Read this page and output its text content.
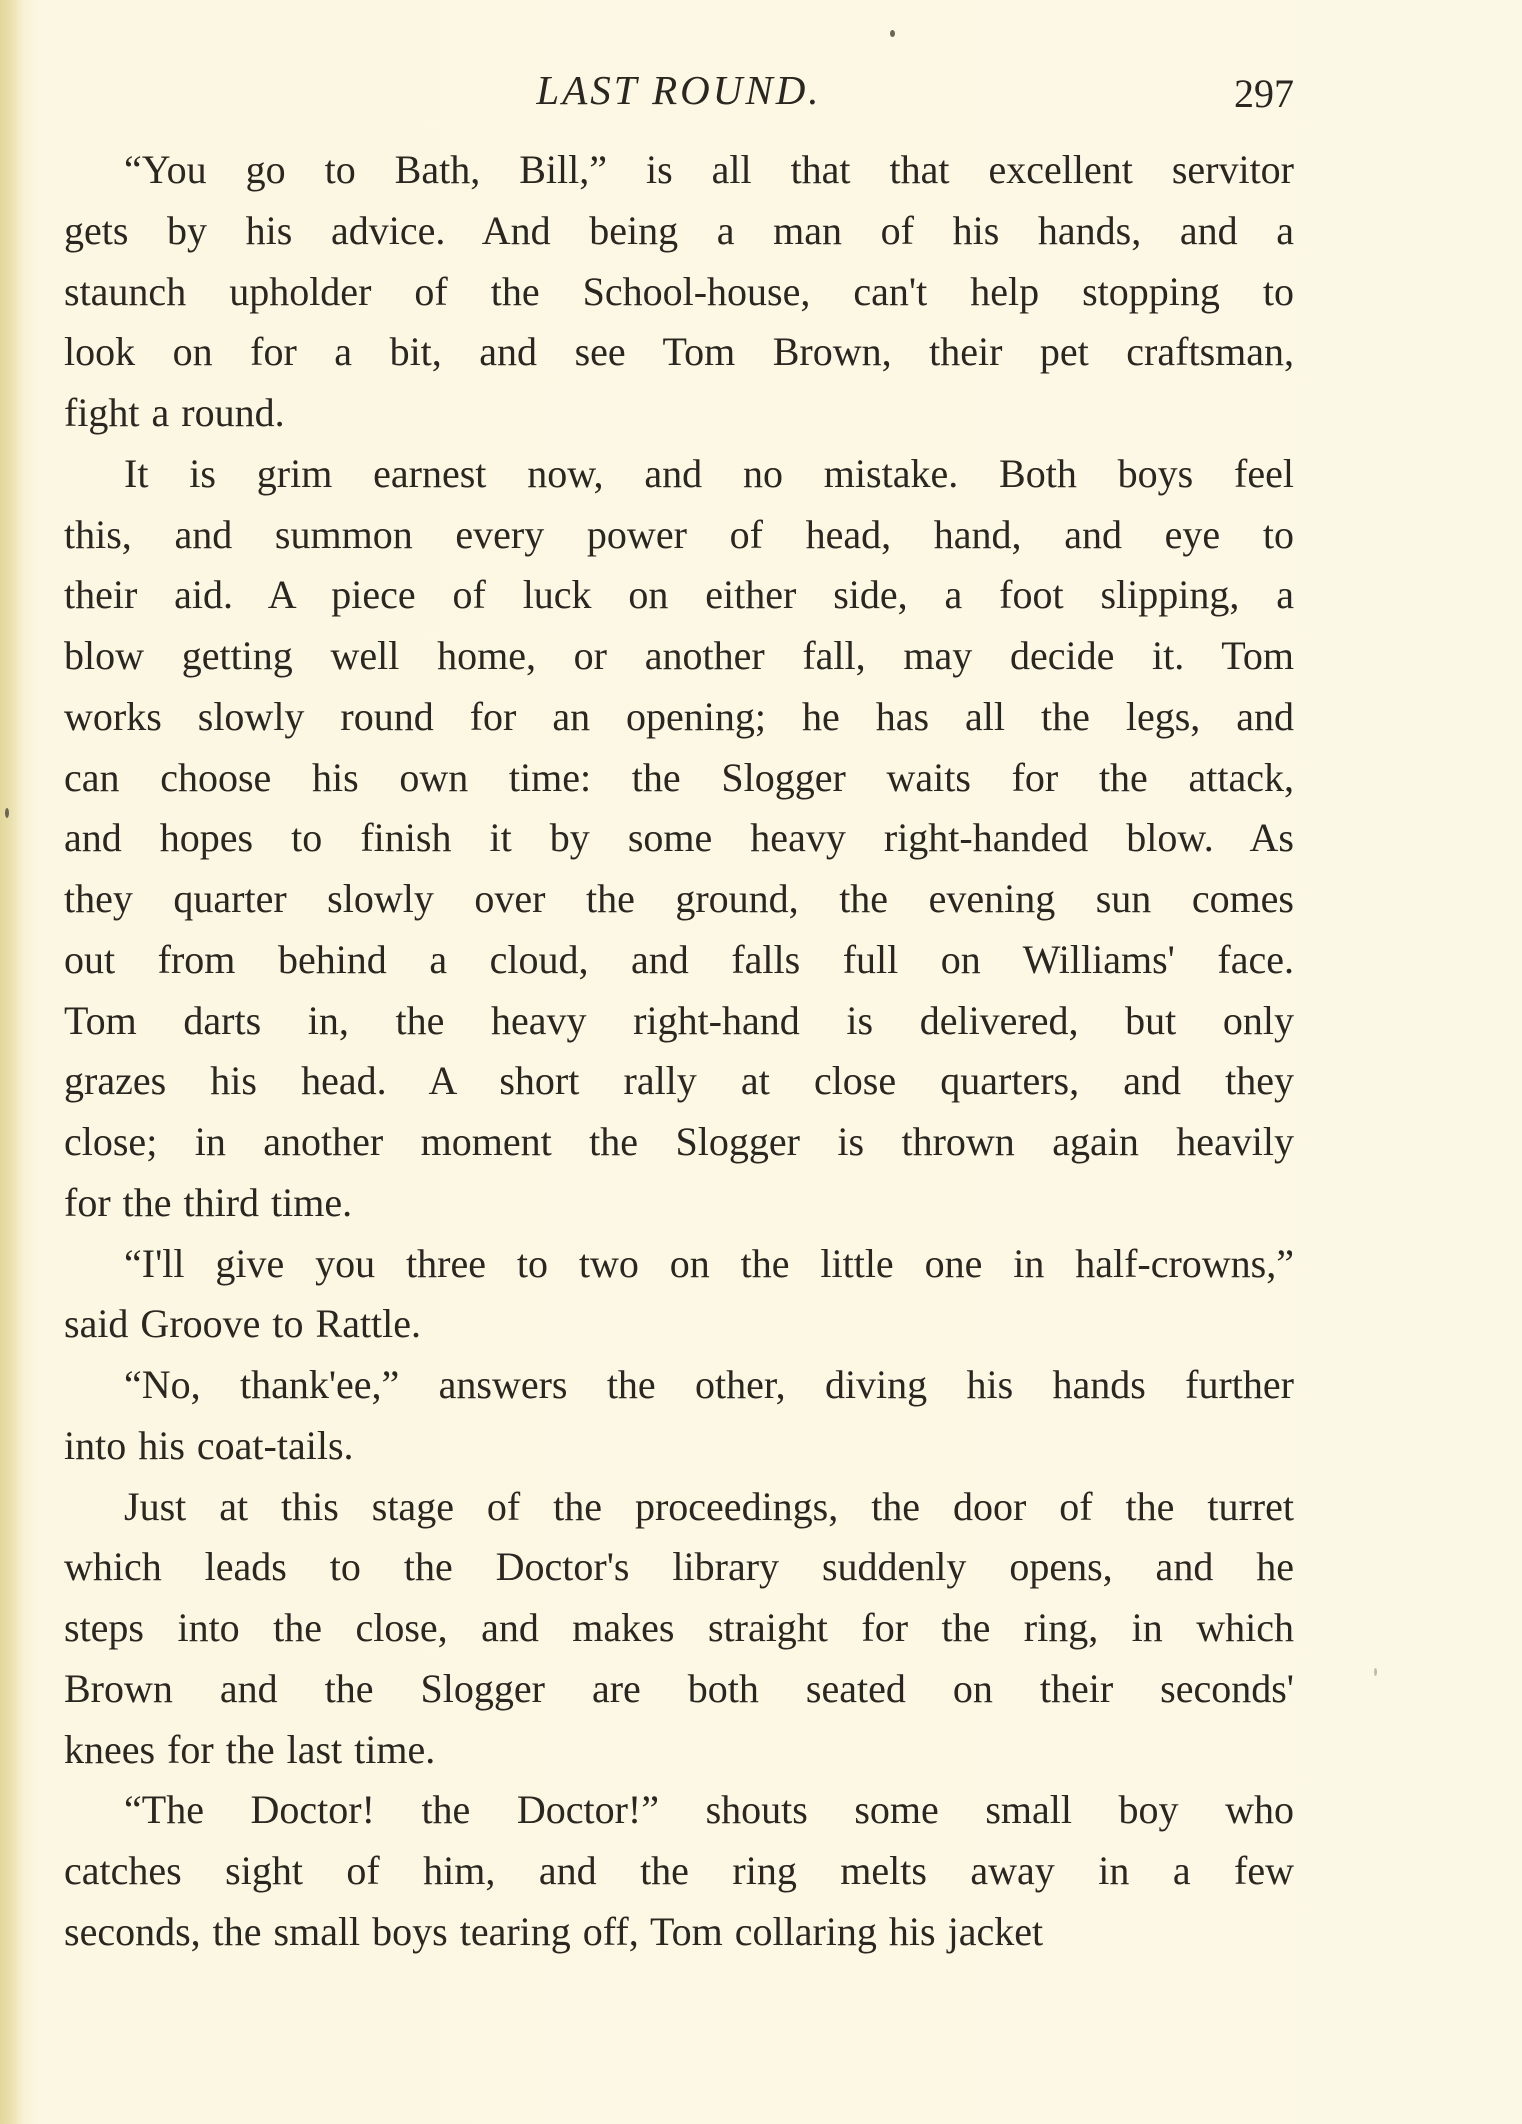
LAST ROUND.	297
“You go to Bath, Bill,” is all that that excellent servitor
gets by his advice. And being a man of his hands, and a
staunch upholder of the School-house, can't help stopping to
look on for a bit, and see Tom Brown, their pet craftsman,
fight a round.
It is grim earnest now, and no mistake. Both boys feel
this, and summon every power of head, hand, and eye to
their aid. A piece of luck on either side, a foot slipping, a
blow getting well home, or another fall, may decide it. Tom
works slowly round for an opening; he has all the legs, and
can choose his own time: the Slogger waits for the attack,
and hopes to finish it by some heavy right-handed blow. As
they quarter slowly over the ground, the evening sun comes
out from behind a cloud, and falls full on Williams' face.
Tom darts in, the heavy right-hand is delivered, but only
grazes his head. A short rally at close quarters, and they
close; in another moment the Slogger is thrown again heavily
for the third time.
“I'll give you three to two on the little one in half-crowns,”
said Groove to Rattle.
“No, thank'ee,” answers the other, diving his hands further
into his coat-tails.
Just at this stage of the proceedings, the door of the turret
which leads to the Doctor's library suddenly opens, and he
steps into the close, and makes straight for the ring, in which
Brown and the Slogger are both seated on their seconds'
knees for the last time.
“The Doctor! the Doctor!” shouts some small boy who
catches sight of him, and the ring melts away in a few
seconds, the small boys tearing off, Tom collaring his jacket
